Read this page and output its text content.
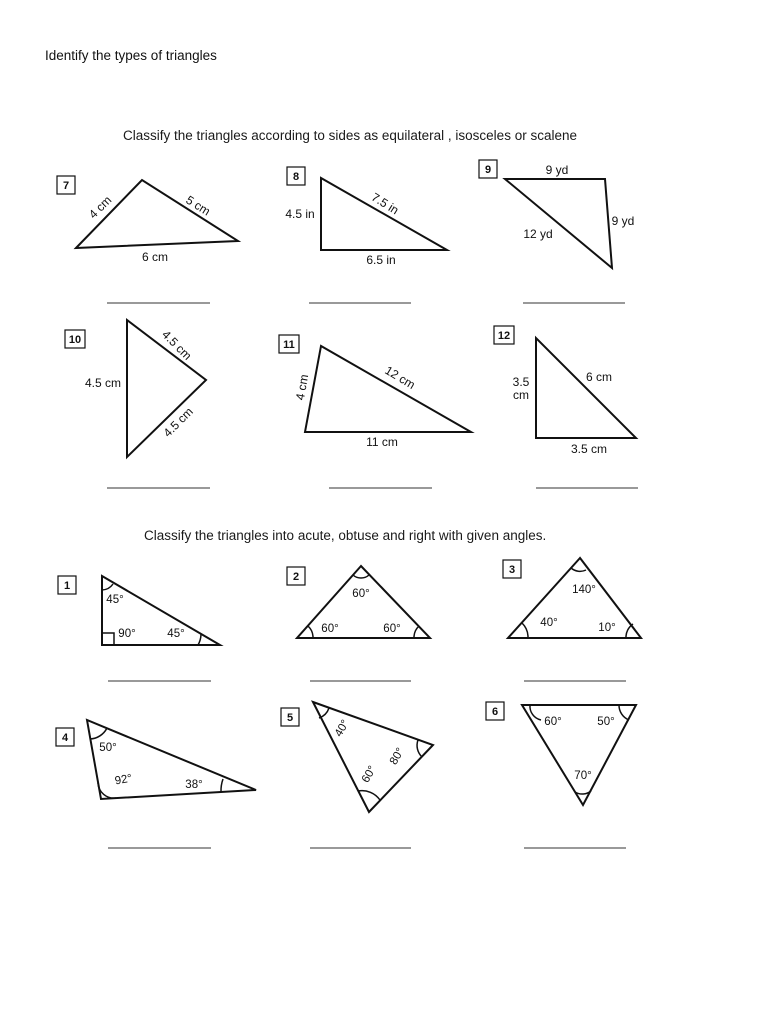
Identify the types of triangles
Classify the triangles according to sides as equilateral , isosceles or scalene
Classify the triangles into acute, obtuse and right with given angles.
7
4 cm	5 cm
6 cm
8
4.5 in	7.5 in
6.5 in
9	9 yd
9 yd
12 yd
10
4.5 cm
4.5 cm
4.5 cm
11
4 cm	12 cm
11 cm
12
3.5
cm
6 cm
3.5 cm
1
45°
90°	45°
2
60°
60°	60°
3
140°
40°	10°
4
50°
92°	38°
5	40°
60°
80°
6
60°	50°
70°
